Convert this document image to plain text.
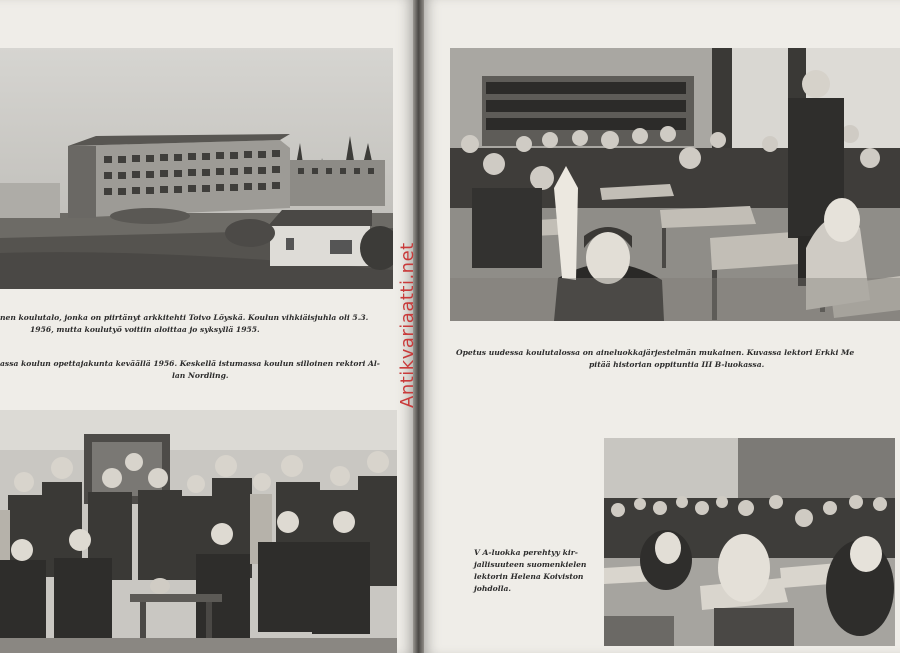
nen koulutalo, jonka on piirtänyt arkkitehti Toivo Löyskä. Koulun vihkiäisjuhla oli 5.3.

1956, mutta koulutyö voitiin aloittaa jo syksyllä 1955.

assa koulun opettajakunta keväällä 1956. Keskellä istumassa koulun silloinen rektori Al-

lan Nordling.

Opetus uudessa koulutalossa on aineluokkajärjestelmän mukainen. Kuvassa lektori Erkki Me

pitää historian oppituntia III B-luokassa.

V A-luokka perehtyy kir-

jallisuuteen suomenkielen

lektorin Helena Koiviston

johdolla.

Antikvariaatti.net
